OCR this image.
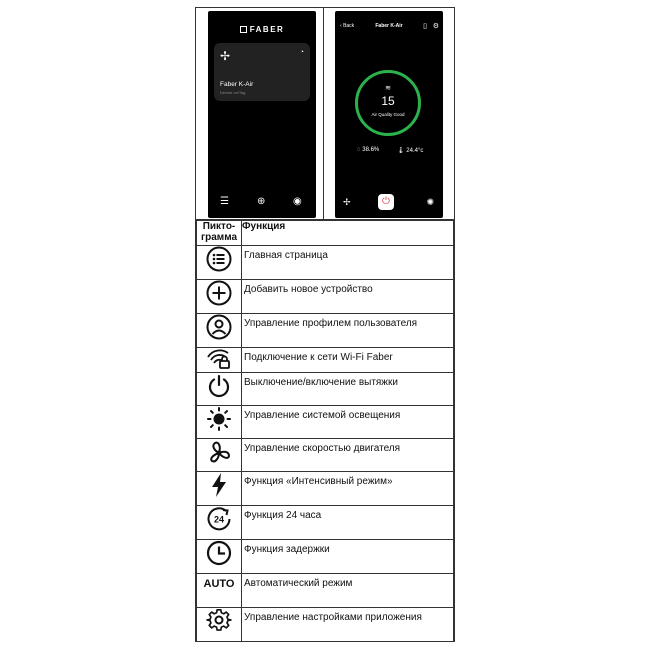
FABER
✢	◔
Faber K-Air
Device on/Tag
☰	⊕	◉
‹ Back	Faber K-Air	▯ ⚙
≋
15
Air Quality Good
◌ 38.6%	🌡 24.4°c
✢	⏻	✺
Пикто-
грамма	Функция

	Главная страница

	Добавить новое устройство

	Управление профилем пользователя

	Подключение к сети Wi-Fi Faber

	Выключение/включение вытяжки

	Управление системой освещения

	Управление скоростью двигателя

	Функция «Интенсивный режим»

24	Функция 24 часа

	Функция задержки
AUTO	Автоматический режим

	Управление настройками приложения
